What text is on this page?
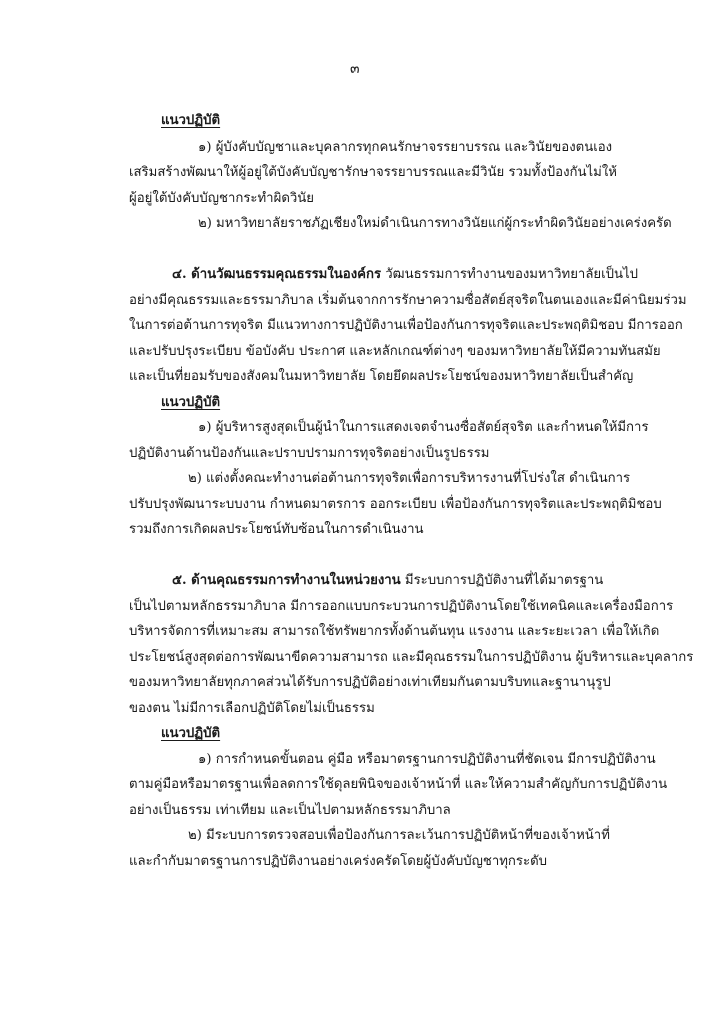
๓
แนวปฏิบัติ
๑) ผู้บังคับบัญชาและบุคลากรทุกคนรักษาจรรยาบรรณ และวินัยของตนเอง
เสริมสร้างพัฒนาให้ผู้อยู่ใต้บังคับบัญชารักษาจรรยาบรรณและมีวินัย รวมทั้งป้องกันไม่ให้
ผู้อยู่ใต้บังคับบัญชากระทำผิดวินัย
๒) มหาวิทยาลัยราชภัฏเชียงใหม่ดำเนินการทางวินัยแก่ผู้กระทำผิดวินัยอย่างเคร่งครัด
๔. ด้านวัฒนธรรมคุณธรรมในองค์กร วัฒนธรรมการทำงานของมหาวิทยาลัยเป็นไป
อย่างมีคุณธรรมและธรรมาภิบาล เริ่มต้นจากการรักษาความซื่อสัตย์สุจริตในตนเองและมีค่านิยมร่วม
ในการต่อต้านการทุจริต มีแนวทางการปฏิบัติงานเพื่อป้องกันการทุจริตและประพฤติมิชอบ มีการออก
และปรับปรุงระเบียบ ข้อบังคับ ประกาศ และหลักเกณฑ์ต่างๆ ของมหาวิทยาลัยให้มีความทันสมัย
และเป็นที่ยอมรับของสังคมในมหาวิทยาลัย โดยยึดผลประโยชน์ของมหาวิทยาลัยเป็นสำคัญ
แนวปฏิบัติ
๑) ผู้บริหารสูงสุดเป็นผู้นำในการแสดงเจตจำนงซื่อสัตย์สุจริต และกำหนดให้มีการ
ปฏิบัติงานด้านป้องกันและปราบปรามการทุจริตอย่างเป็นรูปธรรม
๒) แต่งตั้งคณะทำงานต่อต้านการทุจริตเพื่อการบริหารงานที่โปร่งใส ดำเนินการ
ปรับปรุงพัฒนาระบบงาน กำหนดมาตรการ ออกระเบียบ เพื่อป้องกันการทุจริตและประพฤติมิชอบ
รวมถึงการเกิดผลประโยชน์ทับซ้อนในการดำเนินงาน
๕. ด้านคุณธรรมการทำงานในหน่วยงาน มีระบบการปฏิบัติงานที่ได้มาตรฐาน
เป็นไปตามหลักธรรมาภิบาล มีการออกแบบกระบวนการปฏิบัติงานโดยใช้เทคนิคและเครื่องมือการ
บริหารจัดการที่เหมาะสม สามารถใช้ทรัพยากรทั้งด้านต้นทุน แรงงาน และระยะเวลา เพื่อให้เกิด
ประโยชน์สูงสุดต่อการพัฒนาขีดความสามารถ และมีคุณธรรมในการปฏิบัติงาน ผู้บริหารและบุคลากร
ของมหาวิทยาลัยทุกภาคส่วนได้รับการปฏิบัติอย่างเท่าเทียมกันตามบริบทและฐานานุรูป
ของตน ไม่มีการเลือกปฏิบัติโดยไม่เป็นธรรม
แนวปฏิบัติ
๑) การกำหนดขั้นตอน คู่มือ หรือมาตรฐานการปฏิบัติงานที่ชัดเจน มีการปฏิบัติงาน
ตามคู่มือหรือมาตรฐานเพื่อลดการใช้ดุลยพินิจของเจ้าหน้าที่ และให้ความสำคัญกับการปฏิบัติงาน
อย่างเป็นธรรม เท่าเทียม และเป็นไปตามหลักธรรมาภิบาล
๒) มีระบบการตรวจสอบเพื่อป้องกันการละเว้นการปฏิบัติหน้าที่ของเจ้าหน้าที่
และกำกับมาตรฐานการปฏิบัติงานอย่างเคร่งครัดโดยผู้บังคับบัญชาทุกระดับ
